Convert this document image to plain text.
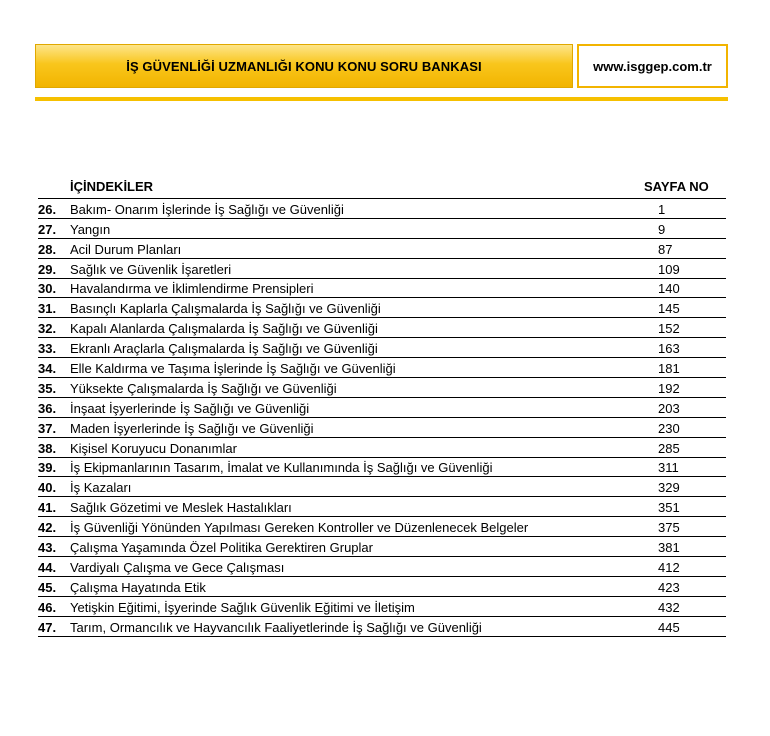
İŞ GÜVENLİĞİ UZMANLIĞI KONU KONU SORU BANKASI	www.isggep.com.tr
İÇİNDEKİLER	SAYFA NO
26.	Bakım- Onarım İşlerinde İş Sağlığı ve Güvenliği	1
27.	Yangın	9
28.	Acil Durum Planları	87
29.	Sağlık ve Güvenlik İşaretleri	109
30.	Havalandırma ve İklimlendirme Prensipleri	140
31.	Basınçlı Kaplarla Çalışmalarda İş Sağlığı ve Güvenliği	145
32.	Kapalı Alanlarda Çalışmalarda İş Sağlığı ve Güvenliği	152
33.	Ekranlı Araçlarla Çalışmalarda İş Sağlığı ve Güvenliği	163
34.	Elle Kaldırma ve Taşıma İşlerinde İş Sağlığı ve Güvenliği	181
35.	Yüksekte Çalışmalarda İş Sağlığı ve Güvenliği	192
36.	İnşaat İşyerlerinde İş Sağlığı ve Güvenliği	203
37.	Maden İşyerlerinde İş Sağlığı ve Güvenliği	230
38.	Kişisel Koruyucu Donanımlar	285
39.	İş Ekipmanlarının Tasarım, İmalat ve Kullanımında İş Sağlığı ve Güvenliği	311
40.	İş Kazaları	329
41.	Sağlık Gözetimi ve Meslek Hastalıkları	351
42.	İş Güvenliği Yönünden Yapılması Gereken Kontroller ve Düzenlenecek Belgeler	375
43.	Çalışma Yaşamında Özel Politika Gerektiren Gruplar	381
44.	Vardiyalı Çalışma ve Gece Çalışması	412
45.	Çalışma Hayatında Etik	423
46.	Yetişkin Eğitimi, İşyerinde Sağlık Güvenlik Eğitimi ve İletişim	432
47.	Tarım, Ormancılık ve Hayvancılık Faaliyetlerinde İş Sağlığı ve Güvenliği	445
